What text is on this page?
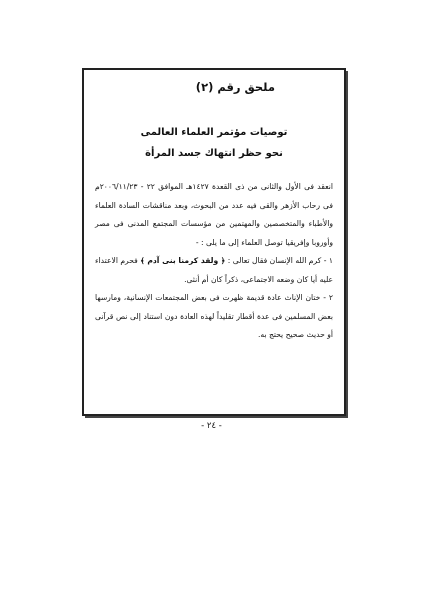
ملحق رقم (٢)
توصيات مؤتمر العلماء العالمى
نحو حظر انتهاك جسد المرأة

انعقد فى الأول والثانى من ذى القعدة ١٤٢٧هـ الموافق ٢٢ - ٢٠٠٦/١١/٢٣م فى رحاب الأزهر والقى فيه عدد من البحوث، وبعد مناقشات السادة العلماء والأطباء والمتخصصين والمهتمين من مؤسسات المجتمع المدنى فى مصر وأوروبا وإفريقيا توصل العلماء إلى ما يلى : -

١ - كرم الله الإنسان فقال تعالى : ﴿ ولقد كرمنا بنى آدم ﴾ فحرم الاعتداء عليه أيا كان وضعه الاجتماعى، ذكراً كان أم أنثى.

٢ - ختان الإناث عادة قديمة ظهرت فى بعض المجتمعات الإنسانية، ومارسها بعض المسلمين فى عدة أقطار تقليداً لهذه العادة دون استناد إلى نص قرآنى أو حديث صحيح يحتج به.

- ٢٤ -
